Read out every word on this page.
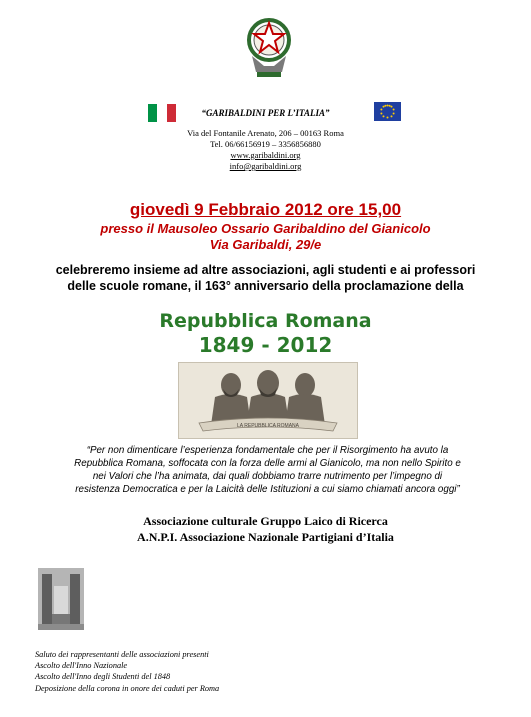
“GARIBALDINI PER L’ITALIA”
Via del Fontanile Arenato, 206 – 00163 Roma
Tel. 06/66156919 – 3356856880
www.garibaldini.org
info@garibaldini.org
giovedì 9 Febbraio 2012 ore 15,00
presso il Mausoleo Ossario Garibaldino del Gianicolo
Via Garibaldi, 29/e
celebreremo insieme ad altre associazioni, agli studenti e ai professori
delle scuole romane, il 163° anniversario della proclamazione della
Repubblica Romana
1849 - 2012
LA REPUBBLICA ROMANA
“Per non dimenticare l’esperienza fondamentale che per il Risorgimento ha avuto la
Repubblica Romana, soffocata con la forza delle armi al Gianicolo, ma non nello Spirito e
nei Valori che l’ha animata, dai quali dobbiamo trarre nutrimento per l’impegno di
resistenza Democratica e per la Laicità delle Istituzioni a cui siamo chiamati ancora oggi”
Associazione culturale Gruppo Laico di Ricerca
A.N.P.I. Associazione Nazionale Partigiani d’Italia
Saluto dei rappresentanti delle associazioni presenti
Ascolto dell'Inno Nazionale
Ascolto dell'Inno degli Studenti del 1848
Deposizione della corona in onore dei caduti per Roma
